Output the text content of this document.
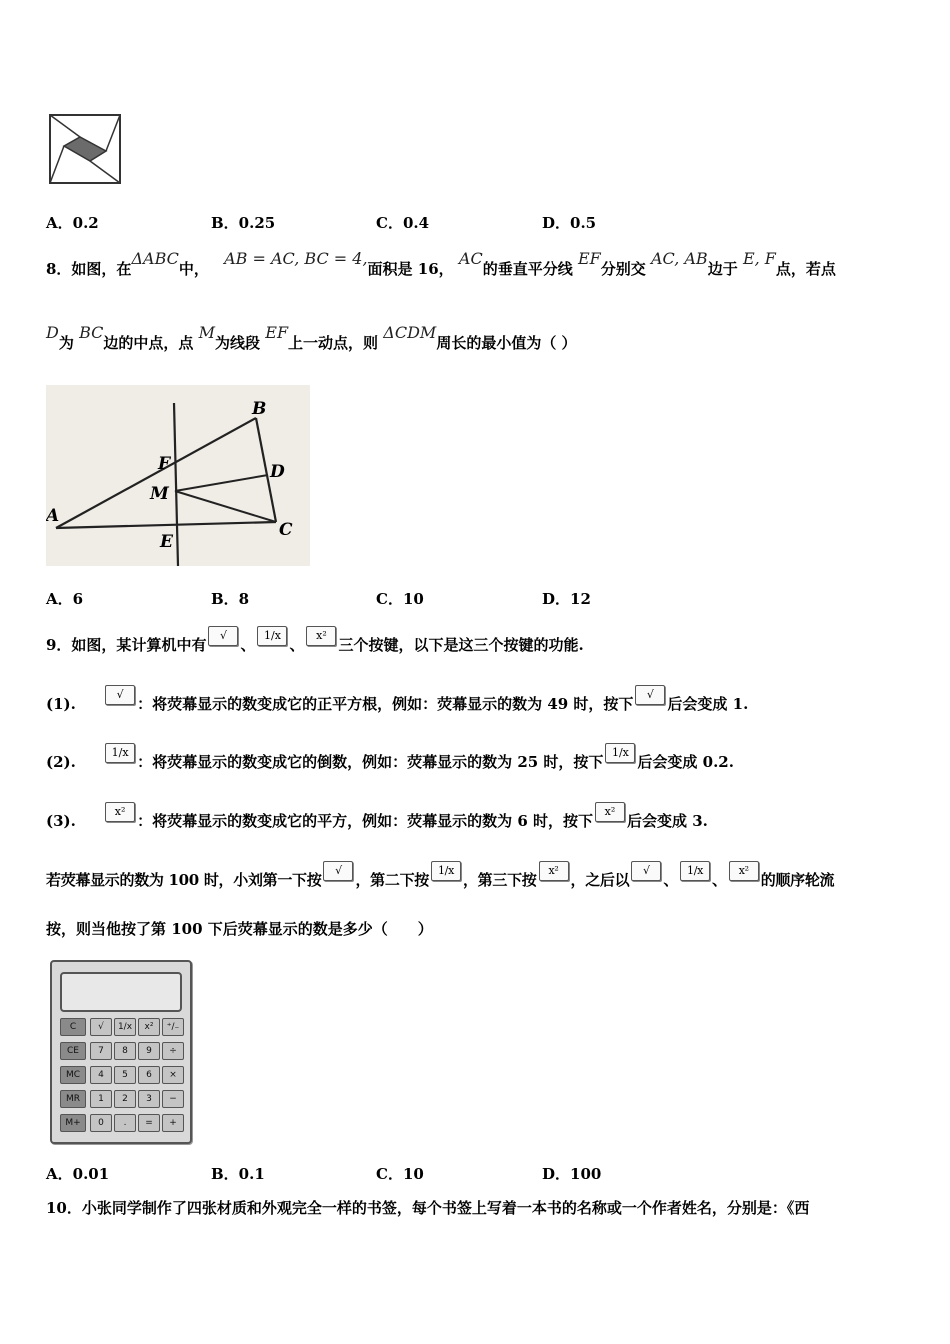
A．0.2	B．0.25	C．0.4	D．0.5
8．如图，在ΔABC中， AB = AC, BC = 4,面积是 16， AC的垂直平分线 EF分别交 AC, AB边于 E, F点，若点
D为 BC边的中点，点 M为线段 EF上一动点，则 ΔCDM周长的最小值为（ ）
A
B
C
D
E
F
M
A．6	B．8	C．10	D．12
9．如图，某计算机中有√、1/x、x²三个按键，以下是这三个按键的功能.
(1). √：将荧幕显示的数变成它的正平方根，例如：荧幕显示的数为 49 时，按下√后会变成 1.
(2). 1/x：将荧幕显示的数变成它的倒数，例如：荧幕显示的数为 25 时，按下1/x后会变成 0.2.
(3). x²：将荧幕显示的数变成它的平方，例如：荧幕显示的数为 6 时，按下x²后会变成 3.
若荧幕显示的数为 100 时，小刘第一下按√，第二下按1/x，第三下按x²，之后以√、1/x、x²的顺序轮流
按，则当他按了第 100 下后荧幕显示的数是多少（　　）
C	√	1/x	x²	⁺∕₋
CE	7	8	9	÷
MC	4	5	6	×
MR	1	2	3	−
M+	0	.	=	+
A．0.01	B．0.1	C．10	D．100
10．小张同学制作了四张材质和外观完全一样的书签，每个书签上写着一本书的名称或一个作者姓名，分别是：《西
